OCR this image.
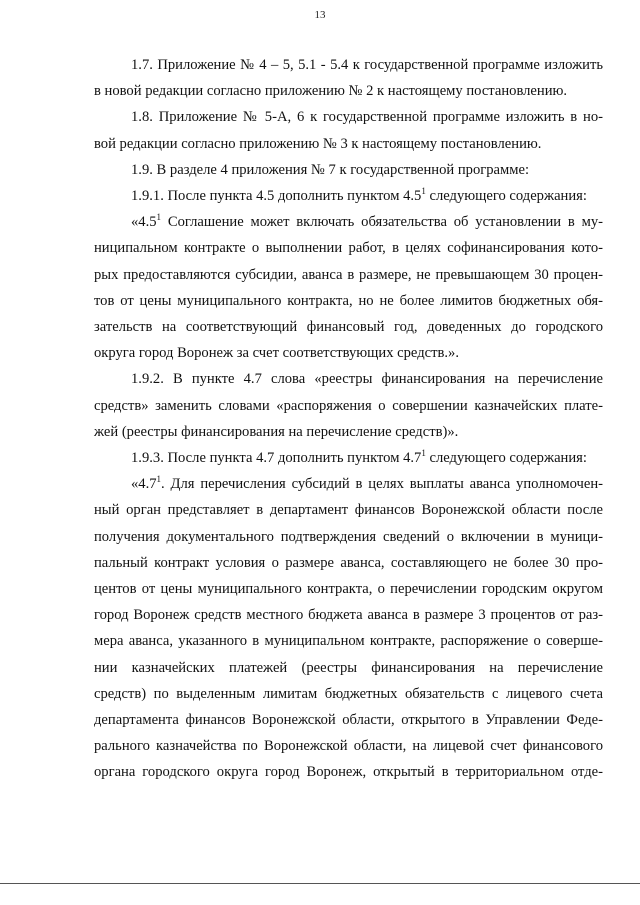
13
1.7. Приложение № 4 – 5, 5.1 - 5.4 к государственной программе изложить
в новой редакции согласно приложению № 2 к настоящему постановлению.
1.8. Приложение № 5-А, 6 к государственной программе изложить в но-
вой редакции согласно приложению № 3 к настоящему постановлению.
1.9. В разделе 4 приложения № 7 к государственной программе:
1.9.1. После пункта 4.5 дополнить пунктом $4.5^1$ следующего содержания:
«$4.5^1$ Соглашение может включать обязательства об установлении в му-
ниципальном контракте о выполнении работ, в целях софинансирования кото-
рых предоставляются субсидии, аванса в размере, не превышающем 30 процен-
тов от цены муниципального контракта, но не более лимитов бюджетных обя-
зательств на соответствующий финансовый год, доведенных до городского
округа город Воронеж за счет соответствующих средств.».
1.9.2. В пункте 4.7 слова «реестры финансирования на перечисление
средств» заменить словами «распоряжения о совершении казначейских плате-
жей (реестры финансирования на перечисление средств)».
1.9.3. После пункта 4.7 дополнить пунктом $4.7^1$ следующего содержания:
«$4.7^1$. Для перечисления субсидий в целях выплаты аванса уполномочен-
ный орган представляет в департамент финансов Воронежской области после
получения документального подтверждения сведений о включении в муници-
пальный контракт условия о размере аванса, составляющего не более 30 про-
центов от цены муниципального контракта, о перечислении городским округом
город Воронеж средств местного бюджета аванса в размере 3 процентов от раз-
мера аванса, указанного в муниципальном контракте, распоряжение о соверше-
нии казначейских платежей (реестры финансирования на перечисление
средств) по выделенным лимитам бюджетных обязательств с лицевого счета
департамента финансов Воронежской области, открытого в Управлении Феде-
рального казначейства по Воронежской области, на лицевой счет финансового
органа городского округа город Воронеж, открытый в территориальном отде-
